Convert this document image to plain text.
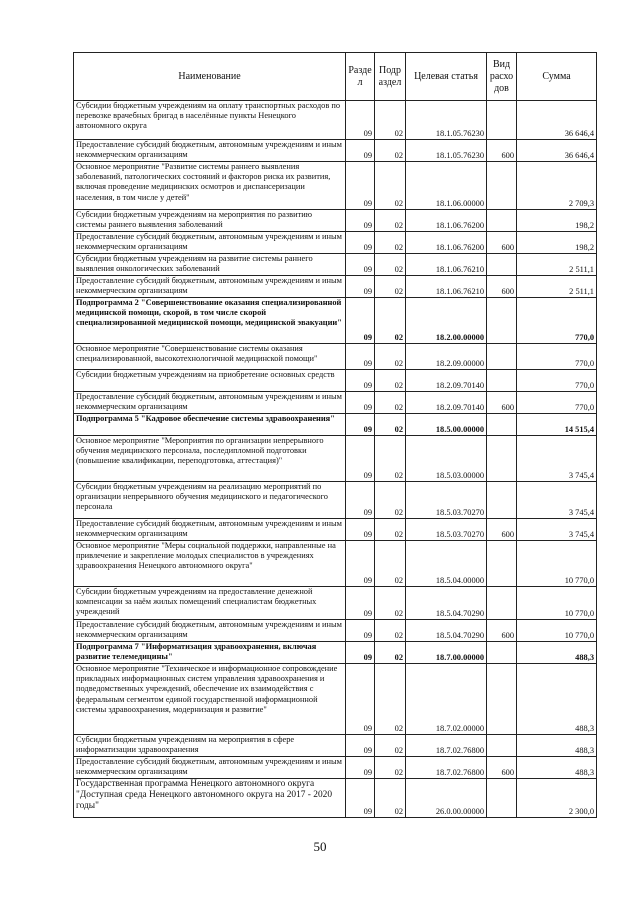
Наименование	Разде л	Подр аздел	Целевая статья	Вид расхо дов	Сумма
Субсидии бюджетным учреждениям на оплату транспортных расходов по перевозке врачебных бригад в населённые пункты Ненецкого автономного округа	09	02	18.1.05.76230		36 646,4
Предоставление субсидий бюджетным, автономным учреждениям и иным некоммерческим организациям	09	02	18.1.05.76230	600	36 646,4
Основное мероприятие "Развитие системы раннего выявления заболеваний, патологических состояний и факторов риска их развития, включая проведение медицинских осмотров и диспансеризации населения, в том числе у детей"	09	02	18.1.06.00000		2 709,3
Субсидии бюджетным учреждениям на мероприятия по развитию системы раннего выявления заболеваний	09	02	18.1.06.76200		198,2
Предоставление субсидий бюджетным, автономным учреждениям и иным некоммерческим организациям	09	02	18.1.06.76200	600	198,2
Субсидии бюджетным учреждениям на развитие системы раннего выявления онкологических заболеваний	09	02	18.1.06.76210		2 511,1
Предоставление субсидий бюджетным, автономным учреждениям и иным некоммерческим организациям	09	02	18.1.06.76210	600	2 511,1
Подпрограмма 2 "Совершенствование оказания специализированной медицинской помощи, скорой, в том числе скорой специализированной медицинской помощи, медицинской эвакуации"	09	02	18.2.00.00000		770,0
Основное мероприятие "Совершенствование системы оказания специализированной, высокотехнологичной медицинской помощи"	09	02	18.2.09.00000		770,0
Субсидии бюджетным учреждениям на приобретение основных средств	09	02	18.2.09.70140		770,0
Предоставление субсидий бюджетным, автономным учреждениям и иным некоммерческим организациям	09	02	18.2.09.70140	600	770,0
Подпрограмма 5 "Кадровое обеспечение системы здравоохранения"	09	02	18.5.00.00000		14 515,4
Основное мероприятие "Мероприятия по организации непрерывного обучения медицинского персонала, последипломной подготовки (повышение квалификации, переподготовка, аттестация)"	09	02	18.5.03.00000		3 745,4
Субсидии бюджетным учреждениям на реализацию мероприятий по организации непрерывного обучения медицинского и педагогического персонала	09	02	18.5.03.70270		3 745,4
Предоставление субсидий бюджетным, автономным учреждениям и иным некоммерческим организациям	09	02	18.5.03.70270	600	3 745,4
Основное мероприятие "Меры социальной поддержки, направленные на привлечение и закрепление молодых специалистов в учреждениях здравоохранения Ненецкого автономного округа"	09	02	18.5.04.00000		10 770,0
Субсидии бюджетным учреждениям на предоставление денежной компенсации за наём жилых помещений специалистам бюджетных учреждений	09	02	18.5.04.70290		10 770,0
Предоставление субсидий бюджетным, автономным учреждениям и иным некоммерческим организациям	09	02	18.5.04.70290	600	10 770,0
Подпрограмма 7 "Информатизация здравоохранения, включая развитие телемедицины"	09	02	18.7.00.00000		488,3
Основное мероприятие "Техническое и информационное сопровождение прикладных информационных систем управления здравоохранения и подведомственных учреждений, обеспечение их взаимодействия с федеральным сегментом единой государственной информационной системы здравоохранения, модернизация и развитие"	09	02	18.7.02.00000		488,3
Субсидии бюджетным учреждениям на мероприятия в сфере информатизации здравоохранения	09	02	18.7.02.76800		488,3
Предоставление субсидий бюджетным, автономным учреждениям и иным некоммерческим организациям	09	02	18.7.02.76800	600	488,3
Государственная программа Ненецкого автономного округа "Доступная среда Ненецкого автономного округа на 2017 - 2020 годы"	09	02	26.0.00.00000		2 300,0
50
